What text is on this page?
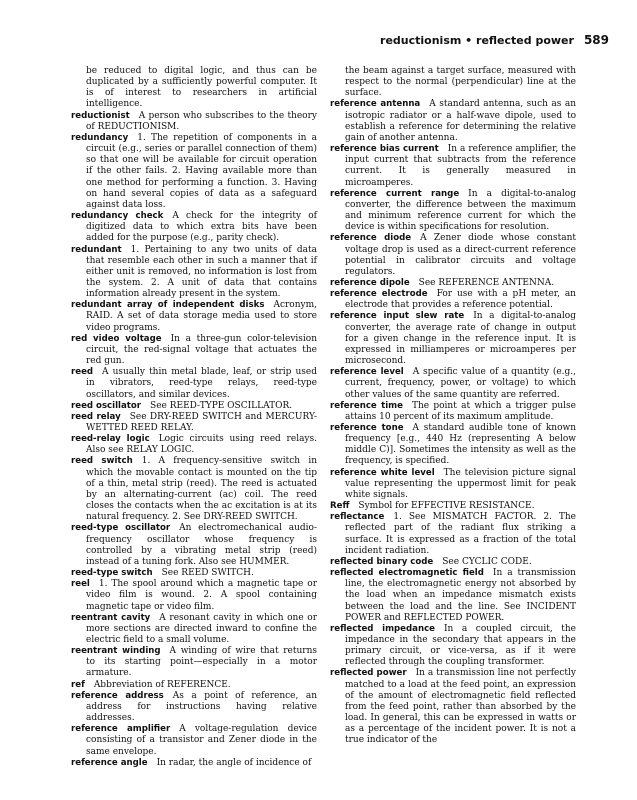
reductionism • reflected power 589

be reduced to digital logic, and thus can be duplicated by a sufficiently powerful computer. It is of interest to researchers in artificial intelligence.

reductionist  A person who subscribes to the theory of REDUCTIONISM.

redundancy  1. The repetition of components in a circuit (e.g., series or parallel connection of them) so that one will be available for circuit operation if the other fails. 2. Having available more than one method for performing a function. 3. Having on hand several copies of data as a safeguard against data loss.

redundancy check  A check for the integrity of digitized data to which extra bits have been added for the purpose (e.g., parity check).

redundant  1. Pertaining to any two units of data that resemble each other in such a manner that if either unit is removed, no information is lost from the system. 2. A unit of data that contains information already present in the system.

redundant array of independent disks  Acronym, RAID. A set of data storage media used to store video programs.

red video voltage  In a three-gun color-television circuit, the red-signal voltage that actuates the red gun.

reed  A usually thin metal blade, leaf, or strip used in vibrators, reed-type relays, reed-type oscillators, and similar devices.

reed oscillator  See REED-TYPE OSCILLATOR.

reed relay  See DRY-REED SWITCH and MERCURY-WETTED REED RELAY.

reed-relay logic  Logic circuits using reed relays. Also see RELAY LOGIC.

reed switch  1. A frequency-sensitive switch in which the movable contact is mounted on the tip of a thin, metal strip (reed). The reed is actuated by an alternating-current (ac) coil. The reed closes the contacts when the ac excitation is at its natural frequency. 2. See DRY-REED SWITCH.

reed-type oscillator  An electromechanical audio-frequency oscillator whose frequency is controlled by a vibrating metal strip (reed) instead of a tuning fork. Also see HUMMER.

reed-type switch  See REED SWITCH.

reel  1. The spool around which a magnetic tape or video film is wound. 2. A spool containing magnetic tape or video film.

reentrant cavity  A resonant cavity in which one or more sections are directed inward to confine the electric field to a small volume.

reentrant winding  A winding of wire that returns to its starting point—especially in a motor armature.

ref  Abbreviation of REFERENCE.

reference address  As a point of reference, an address for instructions having relative addresses.

reference amplifier  A voltage-regulation device consisting of a transistor and Zener diode in the same envelope.

reference angle  In radar, the angle of incidence of

the beam against a target surface, measured with respect to the normal (perpendicular) line at the surface.

reference antenna  A standard antenna, such as an isotropic radiator or a half-wave dipole, used to establish a reference for determining the relative gain of another antenna.

reference bias current  In a reference amplifier, the input current that subtracts from the reference current. It is generally measured in microamperes.

reference current range  In a digital-to-analog converter, the difference between the maximum and minimum reference current for which the device is within specifications for resolution.

reference diode  A Zener diode whose constant voltage drop is used as a direct-current reference potential in calibrator circuits and voltage regulators.

reference dipole  See REFERENCE ANTENNA.

reference electrode  For use with a pH meter, an electrode that provides a reference potential.

reference input slew rate  In a digital-to-analog converter, the average rate of change in output for a given change in the reference input. It is expressed in milliamperes or microamperes per microsecond.

reference level  A specific value of a quantity (e.g., current, frequency, power, or voltage) to which other values of the same quantity are referred.

reference time  The point at which a trigger pulse attains 10 percent of its maximum amplitude.

reference tone  A standard audible tone of known frequency [e.g., 440 Hz (representing A below middle C)]. Sometimes the intensity as well as the frequency, is specified.

reference white level  The television picture signal value representing the uppermost limit for peak white signals.

Reff  Symbol for EFFECTIVE RESISTANCE.

reflectance  1. See MISMATCH FACTOR. 2. The reflected part of the radiant flux striking a surface. It is expressed as a fraction of the total incident radiation.

reflected binary code  See CYCLIC CODE.

reflected electromagnetic field  In a transmission line, the electromagnetic energy not absorbed by the load when an impedance mismatch exists between the load and the line. See INCIDENT POWER and REFLECTED POWER.

reflected impedance  In a coupled circuit, the impedance in the secondary that appears in the primary circuit, or vice-versa, as if it were reflected through the coupling transformer.

reflected power  In a transmission line not perfectly matched to a load at the feed point, an expression of the amount of electromagnetic field reflected from the feed point, rather than absorbed by the load. In general, this can be expressed in watts or as a percentage of the incident power. It is not a true indicator of the
